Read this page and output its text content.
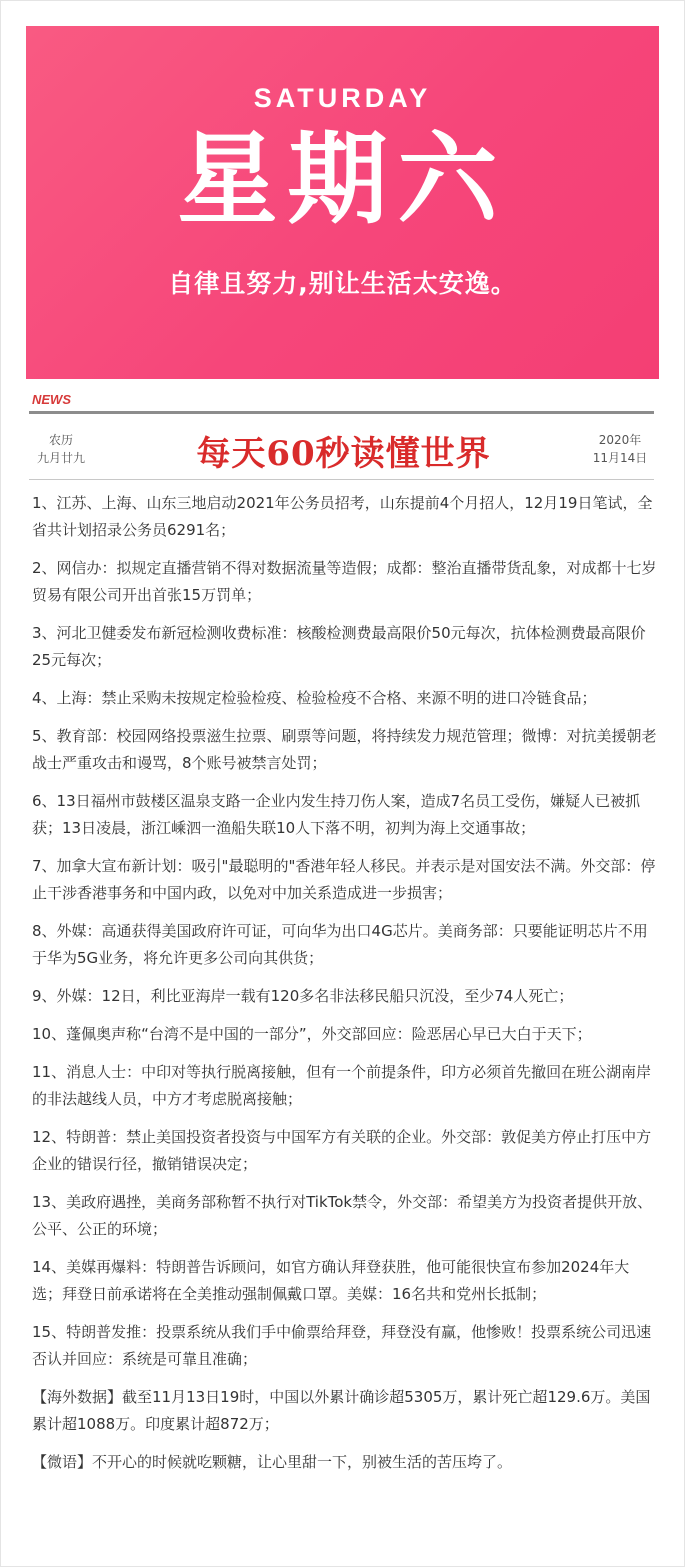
SATURDAY
星期六
自律且努力,别让生活太安逸。
NEWS
农历
九月廿九	每天60秒读懂世界	2020年
11月14日

1、江苏、上海、山东三地启动2021年公务员招考，山东提前4个月招人，12月19日笔试，全省共计划招录公务员6291名；

2、网信办：拟规定直播营销不得对数据流量等造假；成都：整治直播带货乱象，对成都十七岁贸易有限公司开出首张15万罚单；

3、河北卫健委发布新冠检测收费标准：核酸检测费最高限价50元每次，抗体检测费最高限价25元每次；

4、上海：禁止采购未按规定检验检疫、检验检疫不合格、来源不明的进口冷链食品；

5、教育部：校园网络投票滋生拉票、刷票等问题，将持续发力规范管理；微博：对抗美援朝老战士严重攻击和谩骂，8个账号被禁言处罚；

6、13日福州市鼓楼区温泉支路一企业内发生持刀伤人案，造成7名员工受伤，嫌疑人已被抓获；13日凌晨，浙江嵊泗一渔船失联10人下落不明，初判为海上交通事故；

7、加拿大宣布新计划：吸引"最聪明的"香港年轻人移民。并表示是对国安法不满。外交部：停止干涉香港事务和中国内政，以免对中加关系造成进一步损害；

8、外媒：高通获得美国政府许可证，可向华为出口4G芯片。美商务部：只要能证明芯片不用于华为5G业务，将允许更多公司向其供货；

9、外媒：12日，利比亚海岸一载有120多名非法移民船只沉没，至少74人死亡；

10、蓬佩奥声称“台湾不是中国的一部分”，外交部回应：险恶居心早已大白于天下；

11、消息人士：中印对等执行脱离接触，但有一个前提条件，印方必须首先撤回在班公湖南岸的非法越线人员，中方才考虑脱离接触；

12、特朗普：禁止美国投资者投资与中国军方有关联的企业。外交部：敦促美方停止打压中方企业的错误行径，撤销错误决定；

13、美政府遇挫，美商务部称暂不执行对TikTok禁令，外交部：希望美方为投资者提供开放、公平、公正的环境；

14、美媒再爆料：特朗普告诉顾问，如官方确认拜登获胜，他可能很快宣布参加2024年大选；拜登日前承诺将在全美推动强制佩戴口罩。美媒：16名共和党州长抵制；

15、特朗普发推：投票系统从我们手中偷票给拜登，拜登没有赢，他惨败！投票系统公司迅速否认并回应：系统是可靠且准确；

【海外数据】截至11月13日19时，中国以外累计确诊超5305万，累计死亡超129.6万。美国累计超1088万。印度累计超872万；

【微语】不开心的时候就吃颗糖，让心里甜一下，别被生活的苦压垮了。
